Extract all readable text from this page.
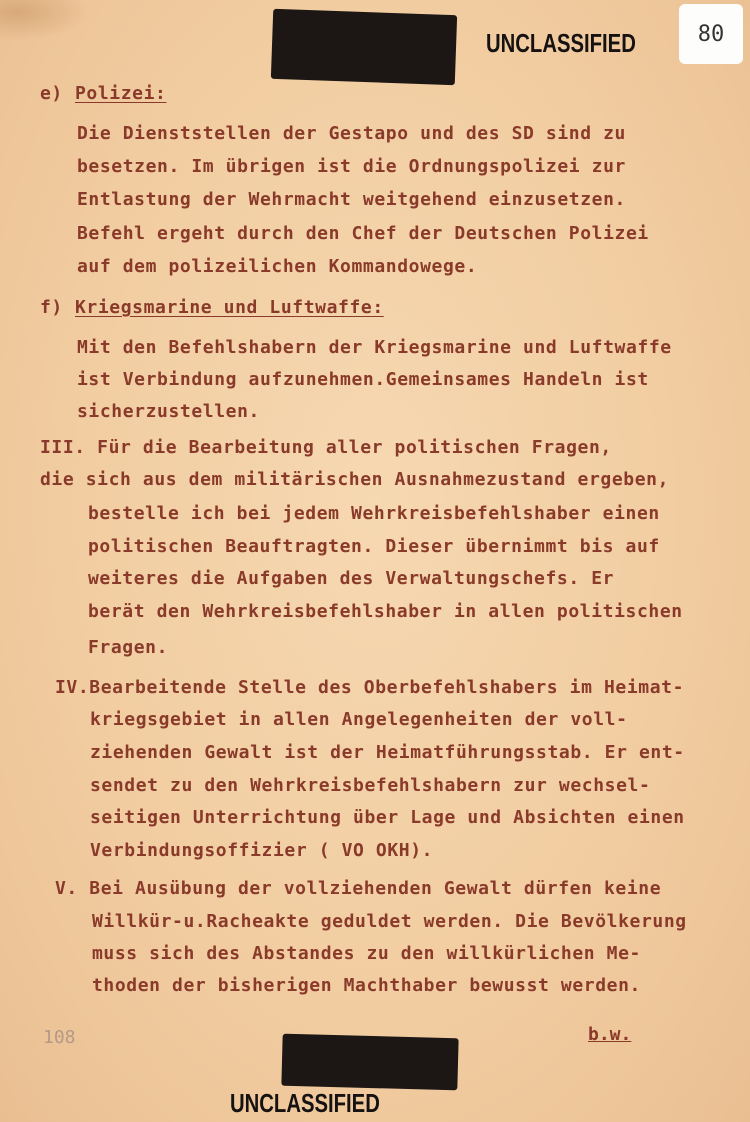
UNCLASSIFIED	80
e) Polizei:
Die Dienststellen der Gestapo und des SD sind zu
besetzen. Im übrigen ist die Ordnungspolizei zur
Entlastung der Wehrmacht weitgehend einzusetzen.
Befehl ergeht durch den Chef der Deutschen Polizei
auf dem polizeilichen Kommandowege.
f) Kriegsmarine und Luftwaffe:
Mit den Befehlshabern der Kriegsmarine und Luftwaffe
ist Verbindung aufzunehmen.Gemeinsames Handeln ist
sicherzustellen.
III. Für die Bearbeitung aller politischen Fragen,
die sich aus dem militärischen Ausnahmezustand ergeben,
bestelle ich bei jedem Wehrkreisbefehlshaber einen
politischen Beauftragten. Dieser übernimmt bis auf
weiteres die Aufgaben des Verwaltungschefs. Er
berät den Wehrkreisbefehlshaber in allen politischen
Fragen.
IV.Bearbeitende Stelle des Oberbefehlshabers im Heimat-
kriegsgebiet in allen Angelegenheiten der voll-
ziehenden Gewalt ist der Heimatführungsstab. Er ent-
sendet zu den Wehrkreisbefehlshabern zur wechsel-
seitigen Unterrichtung über Lage und Absichten einen
Verbindungsoffizier ( VO OKH).
V. Bei Ausübung der vollziehenden Gewalt dürfen keine
Willkür-u.Racheakte geduldet werden. Die Bevölkerung
muss sich des Abstandes zu den willkürlichen Me-
thoden der bisherigen Machthaber bewusst werden.
108	b.w.
UNCLASSIFIED
